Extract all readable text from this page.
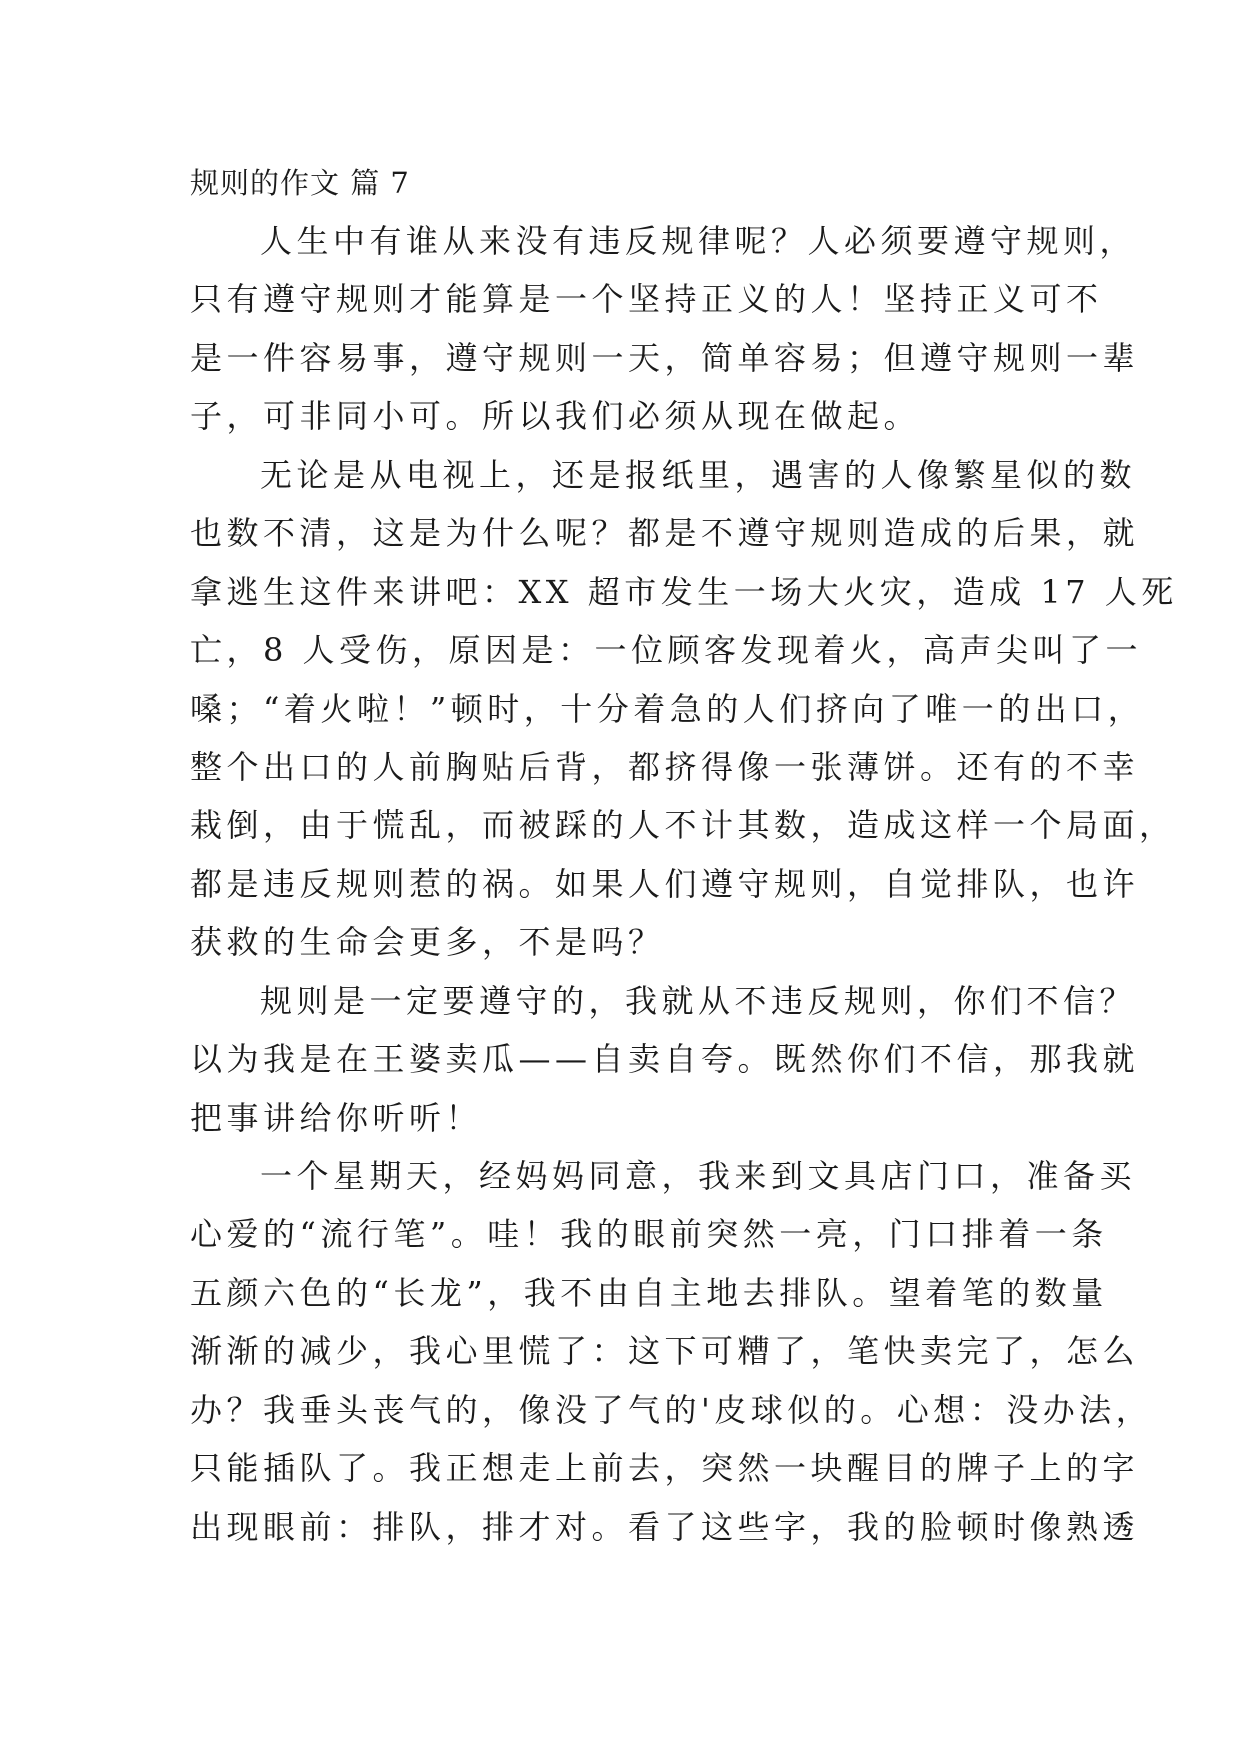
规则的作文 篇 7
人生中有谁从来没有违反规律呢？人必须要遵守规则，
只有遵守规则才能算是一个坚持正义的人！坚持正义可不
是一件容易事，遵守规则一天，简单容易；但遵守规则一辈
子，可非同小可。所以我们必须从现在做起。
无论是从电视上，还是报纸里，遇害的人像繁星似的数
也数不清，这是为什么呢？都是不遵守规则造成的后果，就
拿逃生这件来讲吧：XX 超市发生一场大火灾，造成 17 人死
亡，8 人受伤，原因是：一位顾客发现着火，高声尖叫了一
嗓；“着火啦！”顿时，十分着急的人们挤向了唯一的出口，
整个出口的人前胸贴后背，都挤得像一张薄饼。还有的不幸
栽倒，由于慌乱，而被踩的人不计其数，造成这样一个局面，
都是违反规则惹的祸。如果人们遵守规则，自觉排队，也许
获救的生命会更多，不是吗？
规则是一定要遵守的，我就从不违反规则，你们不信？
以为我是在王婆卖瓜——自卖自夸。既然你们不信，那我就
把事讲给你听听！
一个星期天，经妈妈同意，我来到文具店门口，准备买
心爱的“流行笔”。哇！我的眼前突然一亮，门口排着一条
五颜六色的“长龙”，我不由自主地去排队。望着笔的数量
渐渐的减少，我心里慌了：这下可糟了，笔快卖完了，怎么
办？我垂头丧气的，像没了气的'皮球似的。心想：没办法，
只能插队了。我正想走上前去，突然一块醒目的牌子上的字
出现眼前：排队，排才对。看了这些字，我的脸顿时像熟透
